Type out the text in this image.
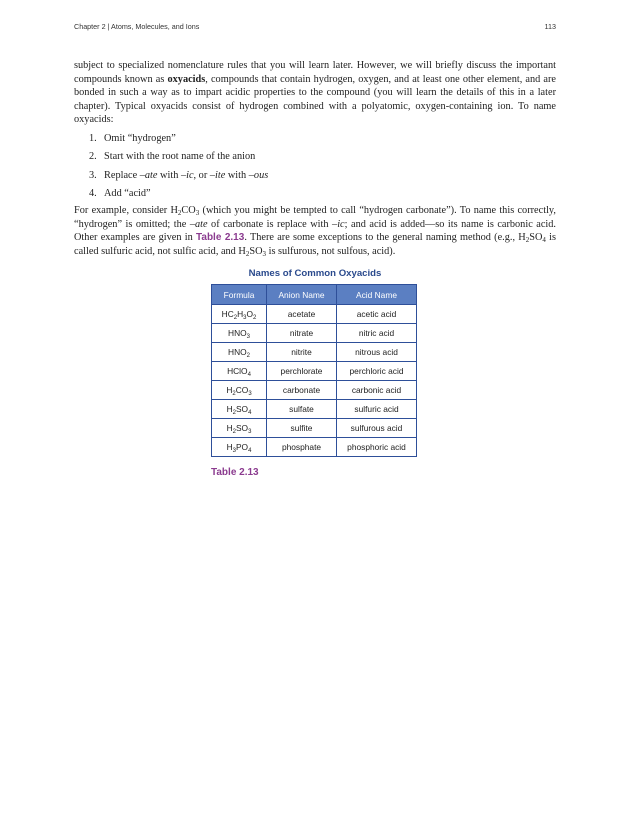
Chapter 2 | Atoms, Molecules, and Ions	113

subject to specialized nomenclature rules that you will learn later. However, we will briefly discuss the important compounds known as oxyacids, compounds that contain hydrogen, oxygen, and at least one other element, and are bonded in such a way as to impart acidic properties to the compound (you will learn the details of this in a later chapter). Typical oxyacids consist of hydrogen combined with a polyatomic, oxygen-containing ion. To name oxyacids:

1. Omit “hydrogen”
2. Start with the root name of the anion
3. Replace –ate with –ic, or –ite with –ous
4. Add “acid”

For example, consider $H_2CO_3$ (which you might be tempted to call “hydrogen carbonate”). To name this correctly, “hydrogen” is omitted; the –ate of carbonate is replace with –ic; and acid is added—so its name is carbonic acid. Other examples are given in Table 2.13. There are some exceptions to the general naming method (e.g., $H_2SO_4$ is called sulfuric acid, not sulfic acid, and $H_2SO_3$ is sulfurous, not sulfous, acid).

Names of Common Oxyacids
Formula	Anion Name	Acid Name
$HC_2H_3O_2$	acetate	acetic acid
$HNO_3$	nitrate	nitric acid
$HNO_2$	nitrite	nitrous acid
HClO$_4$	perchlorate	perchloric acid
$H_2CO_3$	carbonate	carbonic acid
$H_2SO_4$	sulfate	sulfuric acid
$H_2SO_3$	sulfite	sulfurous acid
$H_3PO_4$	phosphate	phosphoric acid
Table 2.13
